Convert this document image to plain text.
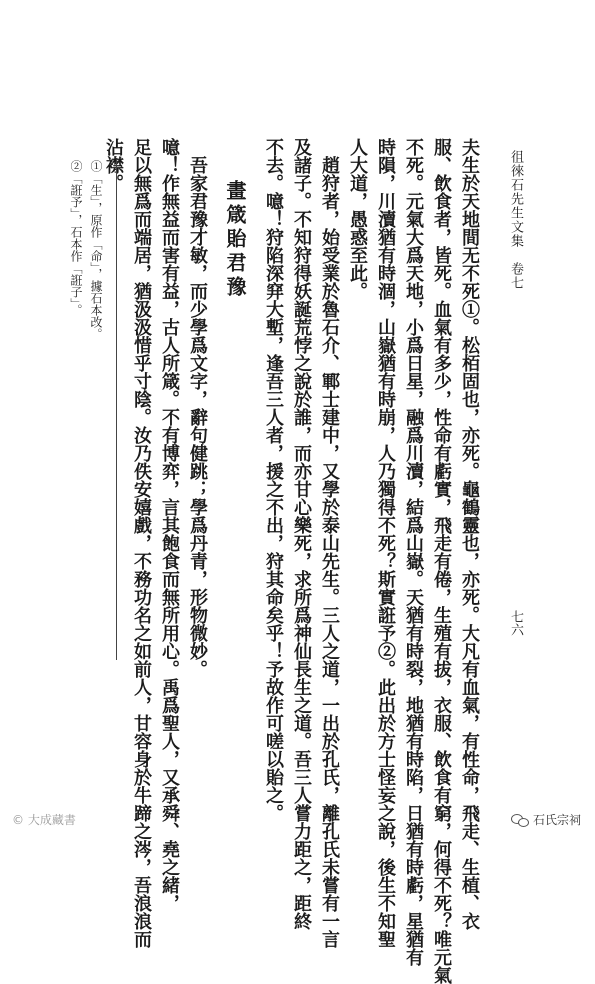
徂徠石先生文集　卷七
七六
夫生於天地間无不死①。松栢固也，亦死。龜鶴靈也，亦死。大凡有血氣，有性命，飛走、生植、衣
服、飲食者，皆死。血氣有多少，性命有虧實，飛走有倦，生殖有拔，衣服、飲食有窮，何得不死？唯元氣
不死。元氣大爲天地，小爲日星，融爲川瀆，結爲山嶽。天猶有時裂，地猶有時陷，日猶有時虧，星猶有
時隕，川瀆猶有時涸，山嶽猶有時崩，人乃獨得不死？斯實誑予②。此出於方士怪妄之說，後生不知聖
人大道，愚惑至此。
趙狩者，始受業於魯石介、鄆士建中，又學於泰山先生。三人之道，一出於孔氏，離孔氏未嘗有一言
及諸子。不知狩得妖誕荒悖之說於誰，而亦甘心樂死，求所爲神仙長生之道。吾三人嘗力距之，距終
不去。噫！狩陷深穽大塹，逢吾三人者，援之不出，狩其命矣乎！予故作可嗟以貽之。
畫箴貽君豫
吾家君豫才敏，而少學爲文字，辭句健跳；學爲丹青，形物微妙。
噫！作無益而害有益，古人所箴。不有博弈，言其飽食而無所用心。禹爲聖人，又承舜、堯之緒，
足以無爲而端居，猶汲汲惜乎寸陰。汝乃佚安嬉戲，不務功名之如前人，甘容身於牛蹄之涔，吾浪浪而
沾襟。
①「生」，原作「命」，據石本改。
②「誑予」，石本作「誑子」。
© 大成藏書	石氏宗祠
